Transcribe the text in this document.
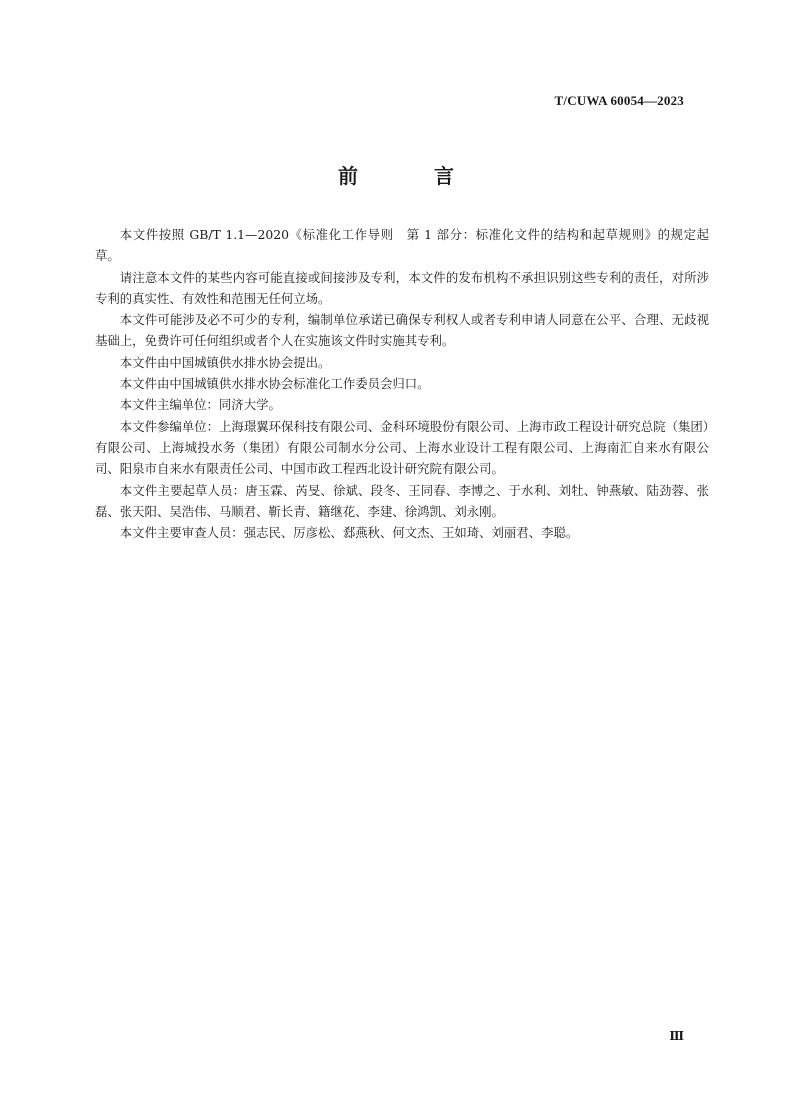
T/CUWA 60054—2023
前　言

本文件按照 GB/T 1.1—2020《标准化工作导则　第 1 部分：标准化文件的结构和起草规则》的规定起草。

请注意本文件的某些内容可能直接或间接涉及专利，本文件的发布机构不承担识别这些专利的责任，对所涉专利的真实性、有效性和范围无任何立场。

本文件可能涉及必不可少的专利，编制单位承诺已确保专利权人或者专利申请人同意在公平、合理、无歧视基础上，免费许可任何组织或者个人在实施该文件时实施其专利。

本文件由中国城镇供水排水协会提出。

本文件由中国城镇供水排水协会标准化工作委员会归口。

本文件主编单位：同济大学。

本文件参编单位：上海璟翼环保科技有限公司、金科环境股份有限公司、上海市政工程设计研究总院（集团）有限公司、上海城投水务（集团）有限公司制水分公司、上海水业设计工程有限公司、上海南汇自来水有限公司、阳泉市自来水有限责任公司、中国市政工程西北设计研究院有限公司。

本文件主要起草人员：唐玉霖、芮旻、徐斌、段冬、王同春、李博之、于水利、刘牡、钟燕敏、陆劲蓉、张磊、张天阳、吴浩伟、马顺君、靳长青、籍继花、李建、徐鸿凯、刘永刚。

本文件主要审查人员：强志民、厉彦松、郄燕秋、何文杰、王如琦、刘丽君、李聪。

Ⅲ
